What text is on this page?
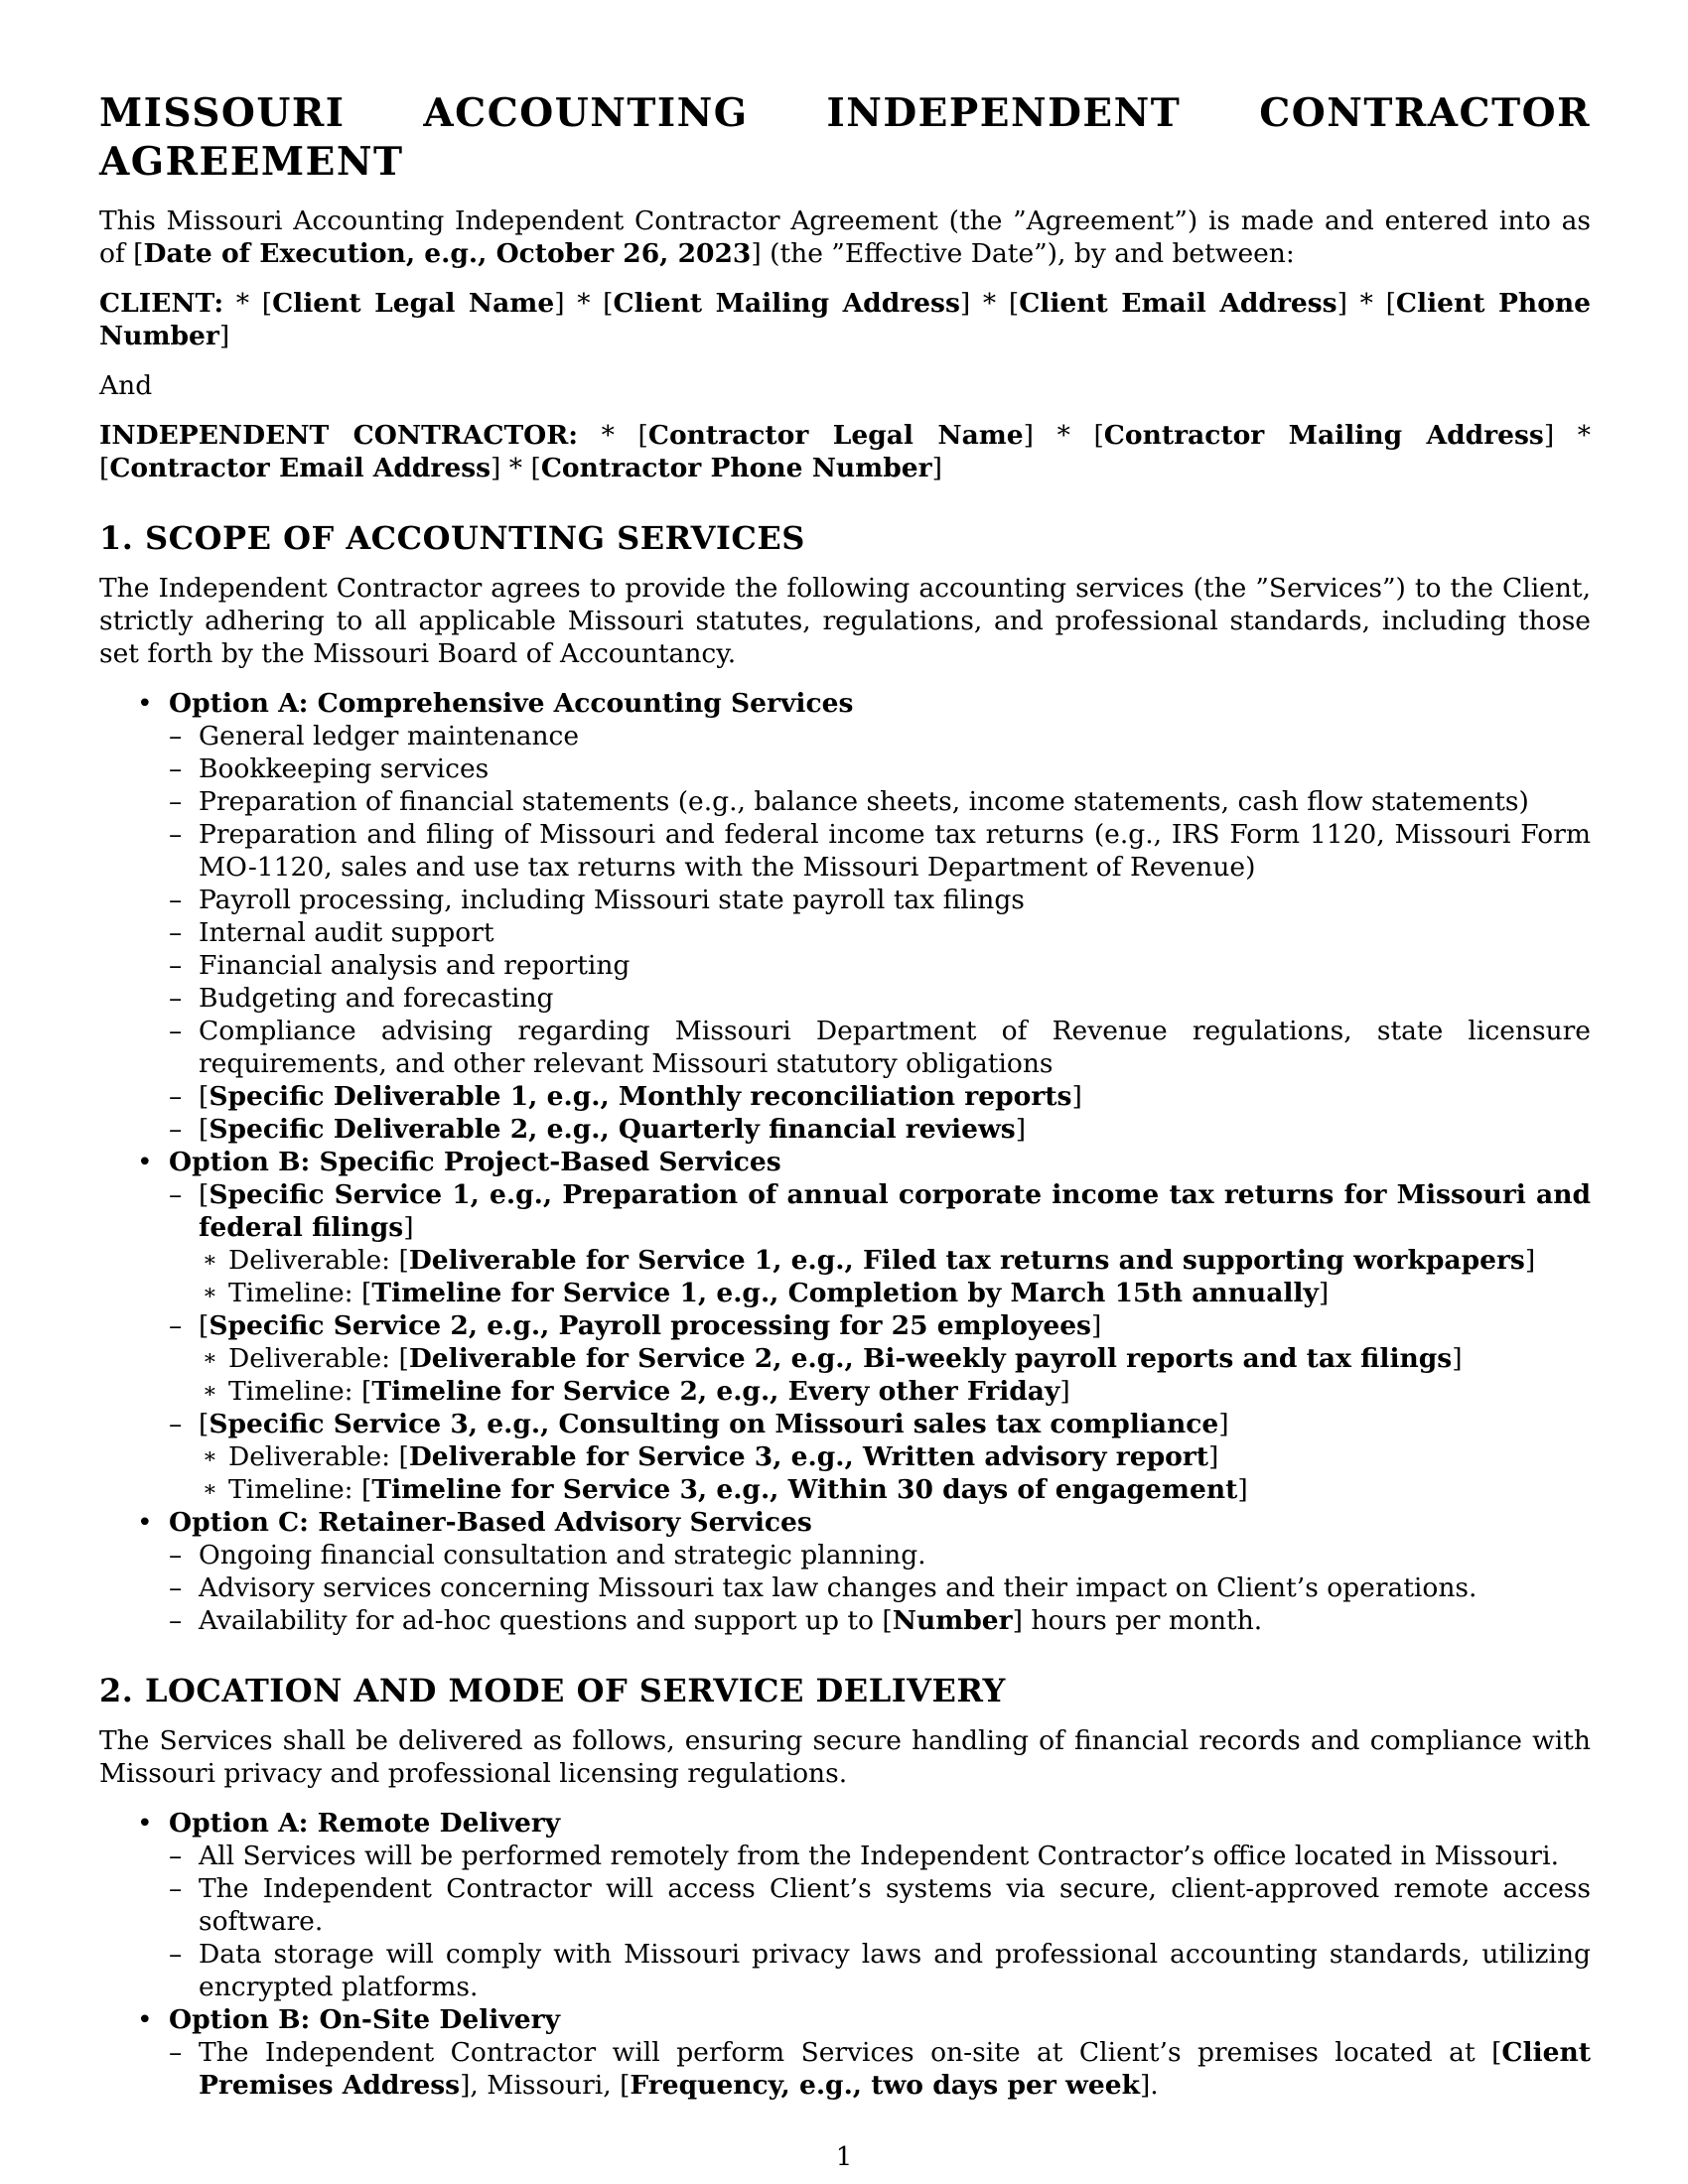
MISSOURI ACCOUNTING INDEPENDENT CONTRACTOR AGREEMENT

This Missouri Accounting Independent Contractor Agreement (the ”Agreement”) is made and entered into as of [Date of Execution, e.g., October 26, 2023] (the ”Effective Date”), by and between:

CLIENT: * [Client Legal Name] * [Client Mailing Address] * [Client Email Address] * [Client Phone Number]

And

INDEPENDENT CONTRACTOR: * [Contractor Legal Name] * [Contractor Mailing Address] * [Contractor Email Address] * [Contractor Phone Number]

1. SCOPE OF ACCOUNTING SERVICES

The Independent Contractor agrees to provide the following accounting services (the ”Services”) to the Client, strictly adhering to all applicable Missouri statutes, regulations, and professional standards, including those set forth by the Missouri Board of Accountancy.

• Option A: Comprehensive Accounting Services
– General ledger maintenance
– Bookkeeping services
– Preparation of financial statements (e.g., balance sheets, income statements, cash flow statements)
– Preparation and filing of Missouri and federal income tax returns (e.g., IRS Form 1120, Missouri Form MO-1120, sales and use tax returns with the Missouri Department of Revenue)
– Payroll processing, including Missouri state payroll tax filings
– Internal audit support
– Financial analysis and reporting
– Budgeting and forecasting
– Compliance advising regarding Missouri Department of Revenue regulations, state licensure requirements, and other relevant Missouri statutory obligations
– [Specific Deliverable 1, e.g., Monthly reconciliation reports]
– [Specific Deliverable 2, e.g., Quarterly financial reviews]
• Option B: Specific Project-Based Services
– [Specific Service 1, e.g., Preparation of annual corporate income tax returns for Missouri and federal filings]
∗ Deliverable: [Deliverable for Service 1, e.g., Filed tax returns and supporting workpapers]
∗ Timeline: [Timeline for Service 1, e.g., Completion by March 15th annually]
– [Specific Service 2, e.g., Payroll processing for 25 employees]
∗ Deliverable: [Deliverable for Service 2, e.g., Bi-weekly payroll reports and tax filings]
∗ Timeline: [Timeline for Service 2, e.g., Every other Friday]
– [Specific Service 3, e.g., Consulting on Missouri sales tax compliance]
∗ Deliverable: [Deliverable for Service 3, e.g., Written advisory report]
∗ Timeline: [Timeline for Service 3, e.g., Within 30 days of engagement]
• Option C: Retainer-Based Advisory Services
– Ongoing financial consultation and strategic planning.
– Advisory services concerning Missouri tax law changes and their impact on Client’s operations.
– Availability for ad-hoc questions and support up to [Number] hours per month.
2. LOCATION AND MODE OF SERVICE DELIVERY

The Services shall be delivered as follows, ensuring secure handling of financial records and compliance with Missouri privacy and professional licensing regulations.

• Option A: Remote Delivery
– All Services will be performed remotely from the Independent Contractor’s office located in Missouri.
– The Independent Contractor will access Client’s systems via secure, client-approved remote access software.
– Data storage will comply with Missouri privacy laws and professional accounting standards, utilizing encrypted platforms.
• Option B: On-Site Delivery
– The Independent Contractor will perform Services on-site at Client’s premises located at [Client Premises Address], Missouri, [Frequency, e.g., two days per week].
1
